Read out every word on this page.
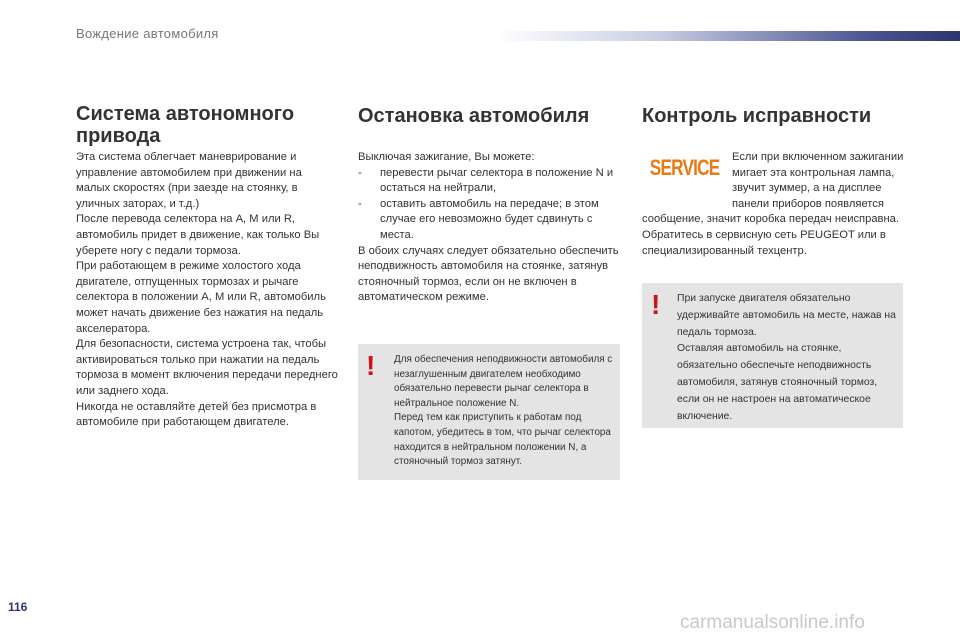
Вождение автомобиля
Система автономного привода

Эта система облегчает маневрирование и управление автомобилем при движении на малых скоростях (при заезде на стоянку, в уличных заторах, и т.д.)

После перевода селектора на A, M или R, автомобиль придет в движение, как только Вы уберете ногу с педали тормоза.

При работающем в режиме холостого хода двигателе, отпущенных тормозах и рычаге селектора в положении A, M или R, автомобиль может начать движение без нажатия на педаль акселератора.

Для безопасности, система устроена так, чтобы активироваться только при нажатии на педаль тормоза в момент включения передачи переднего или заднего хода.

Никогда не оставляйте детей без присмотра в автомобиле при работающем двигателе.

Остановка автомобиля

Выключая зажигание, Вы можете:

-	перевести рычаг селектора в положение N и остаться на нейтрали,
-	оставить автомобиль на передаче; в этом случае его невозможно будет сдвинуть с места.

В обоих случаях следует обязательно обеспечить неподвижность автомобиля на стоянке, затянув стояночный тормоз, если он не включен в автоматическом режиме.

! Для обеспечения неподвижности автомобиля с незаглушенным двигателем необходимо обязательно перевести рычаг селектора в нейтральное положение N.

Перед тем как приступить к работам под капотом, убедитесь в том, что рычаг селектора находится в нейтральном положении N, а стояночный тормоз затянут.

Контроль исправности
SERVICE	Если при включенном зажигании мигает эта контрольная лампа, звучит зуммер, а на дисплее панели приборов появляется сообщение, значит коробка передач неисправна. Обратитесь в сервисную сеть PEUGEOT или в специализированный техцентр.

! При запуске двигателя обязательно удерживайте автомобиль на месте, нажав на педаль тормоза.

Оставляя автомобиль на стоянке, обязательно обеспечьте неподвижность автомобиля, затянув стояночный тормоз, если он не настроен на автоматическое включение.

116
carmanualsonline.info
